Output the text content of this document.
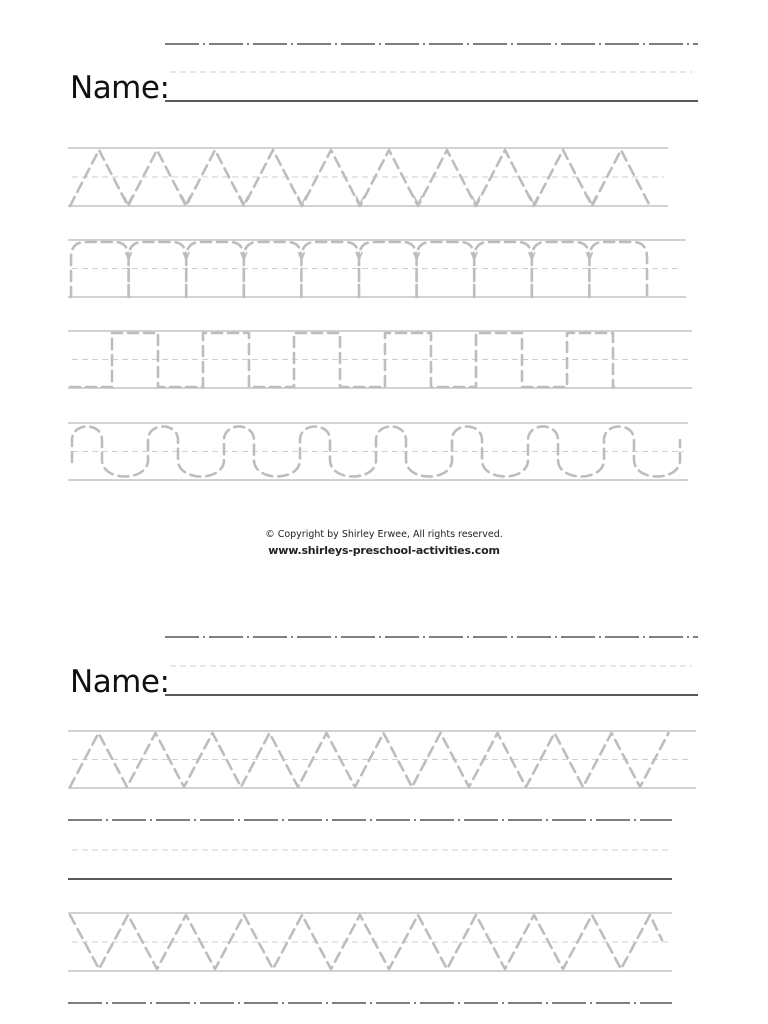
Name:
Name:
© Copyright by Shirley Erwee, All rights reserved.
www.shirleys-preschool-activities.com
